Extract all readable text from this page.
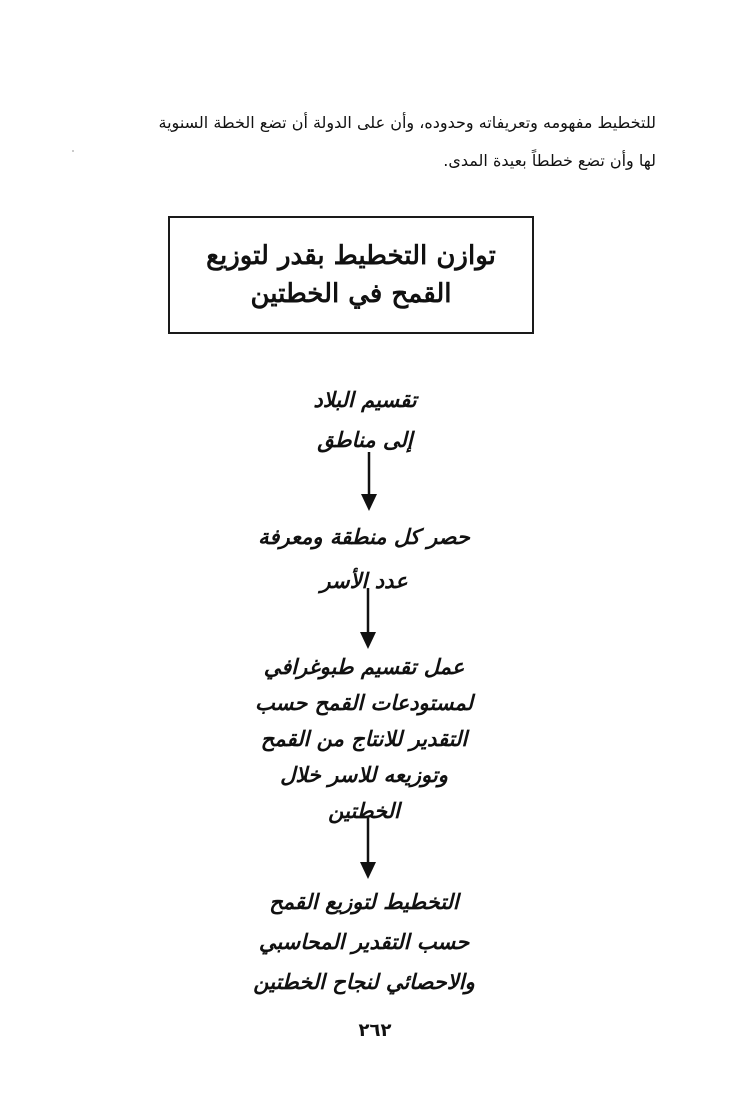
للتخطيط مفهومه وتعريفاته وحدوده، وأن على الدولة أن تضع الخطة السنوية

لها وأن تضع خططاً بعيدة المدى.

توازن التخطيط بقدر لتوزيع
القمح في الخطتين
تقسيم البلاد
إلى مناطق
حصر كل منطقة ومعرفة
عدد الأسر
عمل تقسيم طبوغرافي
لمستودعات القمح حسب
التقدير للانتاج من القمح
وتوزيعه للاسر خلال
الخطتين
التخطيط لتوزيع القمح
حسب التقدير المحاسبي
والاحصائي لنجاح الخطتين
٢٦٢
